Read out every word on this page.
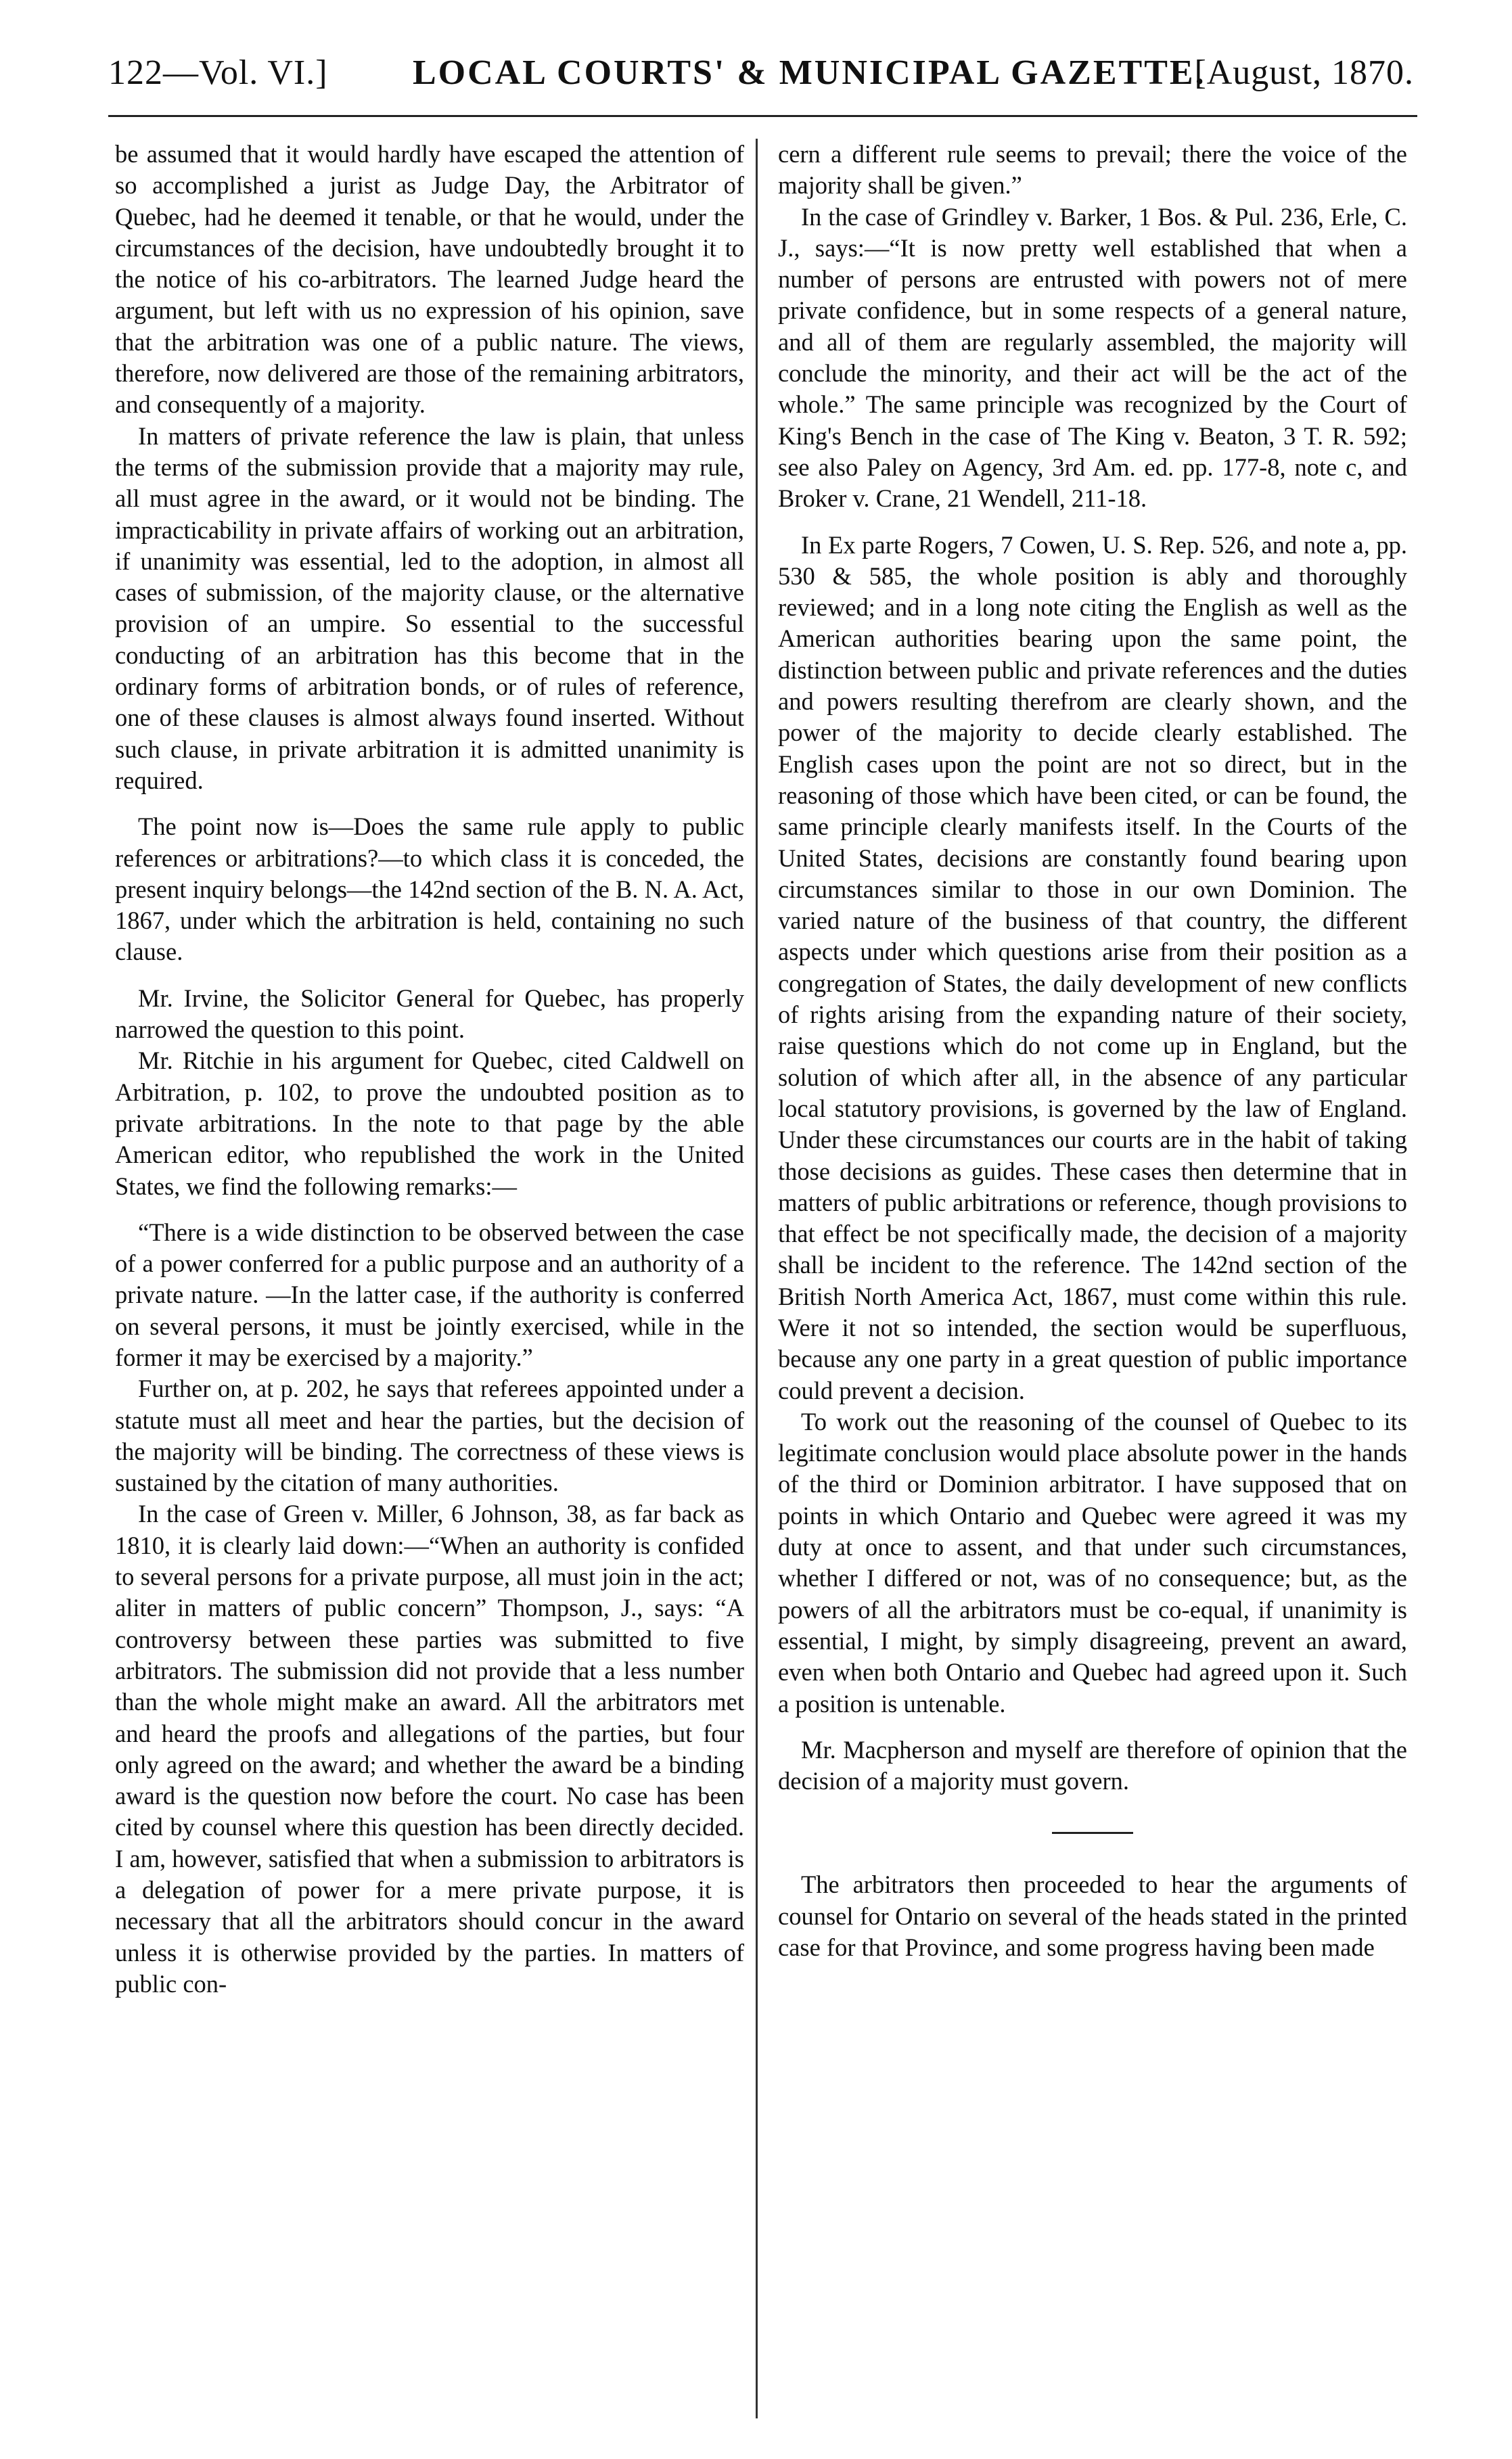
122—Vol. VI.] LOCAL COURTS' & MUNICIPAL GAZETTE.
[August, 1870.

be assumed that it would hardly have escaped the attention of so accomplished a jurist as Judge Day, the Arbitrator of Quebec, had he deemed it tenable, or that he would, under the circumstances of the decision, have undoubtedly brought it to the notice of his co-arbitrators. The learned Judge heard the argument, but left with us no expression of his opinion, save that the arbitration was one of a public nature. The views, therefore, now delivered are those of the remaining arbitrators, and consequently of a majority.

In matters of private reference the law is plain, that unless the terms of the submission provide that a majority may rule, all must agree in the award, or it would not be binding. The impracticability in private affairs of working out an arbitration, if unanimity was essential, led to the adoption, in almost all cases of submission, of the majority clause, or the alternative provision of an umpire. So essential to the successful conducting of an arbitration has this become that in the ordinary forms of arbitration bonds, or of rules of reference, one of these clauses is almost always found inserted. Without such clause, in private arbitration it is admitted unanimity is required.

The point now is—Does the same rule apply to public references or arbitrations?—to which class it is conceded, the present inquiry belongs—the 142nd section of the B. N. A. Act, 1867, under which the arbitration is held, containing no such clause.

Mr. Irvine, the Solicitor General for Quebec, has properly narrowed the question to this point.

Mr. Ritchie in his argument for Quebec, cited Caldwell on Arbitration, p. 102, to prove the undoubted position as to private arbitrations. In the note to that page by the able American editor, who republished the work in the United States, we find the following remarks:—

“There is a wide distinction to be observed between the case of a power conferred for a public purpose and an authority of a private nature. —In the latter case, if the authority is conferred on several persons, it must be jointly exercised, while in the former it may be exercised by a majority.”

Further on, at p. 202, he says that referees appointed under a statute must all meet and hear the parties, but the decision of the majority will be binding. The correctness of these views is sustained by the citation of many authorities.

In the case of Green v. Miller, 6 Johnson, 38, as far back as 1810, it is clearly laid down:—“When an authority is confided to several persons for a private purpose, all must join in the act; aliter in matters of public concern” Thompson, J., says: “A controversy between these parties was submitted to five arbitrators. The submission did not provide that a less number than the whole might make an award. All the arbitrators met and heard the proofs and allegations of the parties, but four only agreed on the award; and whether the award be a binding award is the question now before the court. No case has been cited by counsel where this question has been directly decided. I am, however, satisfied that when a submission to arbitrators is a delegation of power for a mere private purpose, it is necessary that all the arbitrators should concur in the award unless it is otherwise provided by the parties. In matters of public con-

cern a different rule seems to prevail; there the voice of the majority shall be given.”

In the case of Grindley v. Barker, 1 Bos. & Pul. 236, Erle, C. J., says:—“It is now pretty well established that when a number of persons are entrusted with powers not of mere private confidence, but in some respects of a general nature, and all of them are regularly assembled, the majority will conclude the minority, and their act will be the act of the whole.” The same principle was recognized by the Court of King's Bench in the case of The King v. Beaton, 3 T. R. 592; see also Paley on Agency, 3rd Am. ed. pp. 177-8, note c, and Broker v. Crane, 21 Wendell, 211-18.

In Ex parte Rogers, 7 Cowen, U. S. Rep. 526, and note a, pp. 530 & 585, the whole position is ably and thoroughly reviewed; and in a long note citing the English as well as the American authorities bearing upon the same point, the distinction between public and private references and the duties and powers resulting therefrom are clearly shown, and the power of the majority to decide clearly established. The English cases upon the point are not so direct, but in the reasoning of those which have been cited, or can be found, the same principle clearly manifests itself. In the Courts of the United States, decisions are constantly found bearing upon circumstances similar to those in our own Dominion. The varied nature of the business of that country, the different aspects under which questions arise from their position as a congregation of States, the daily development of new conflicts of rights arising from the expanding nature of their society, raise questions which do not come up in England, but the solution of which after all, in the absence of any particular local statutory provisions, is governed by the law of England. Under these circumstances our courts are in the habit of taking those decisions as guides. These cases then determine that in matters of public arbitrations or reference, though provisions to that effect be not specifically made, the decision of a majority shall be incident to the reference. The 142nd section of the British North America Act, 1867, must come within this rule. Were it not so intended, the section would be superfluous, because any one party in a great question of public importance could prevent a decision.

To work out the reasoning of the counsel of Quebec to its legitimate conclusion would place absolute power in the hands of the third or Dominion arbitrator. I have supposed that on points in which Ontario and Quebec were agreed it was my duty at once to assent, and that under such circumstances, whether I differed or not, was of no consequence; but, as the powers of all the arbitrators must be co-equal, if unanimity is essential, I might, by simply disagreeing, prevent an award, even when both Ontario and Quebec had agreed upon it. Such a position is untenable.

Mr. Macpherson and myself are therefore of opinion that the decision of a majority must govern.

The arbitrators then proceeded to hear the arguments of counsel for Ontario on several of the heads stated in the printed case for that Province, and some progress having been made
